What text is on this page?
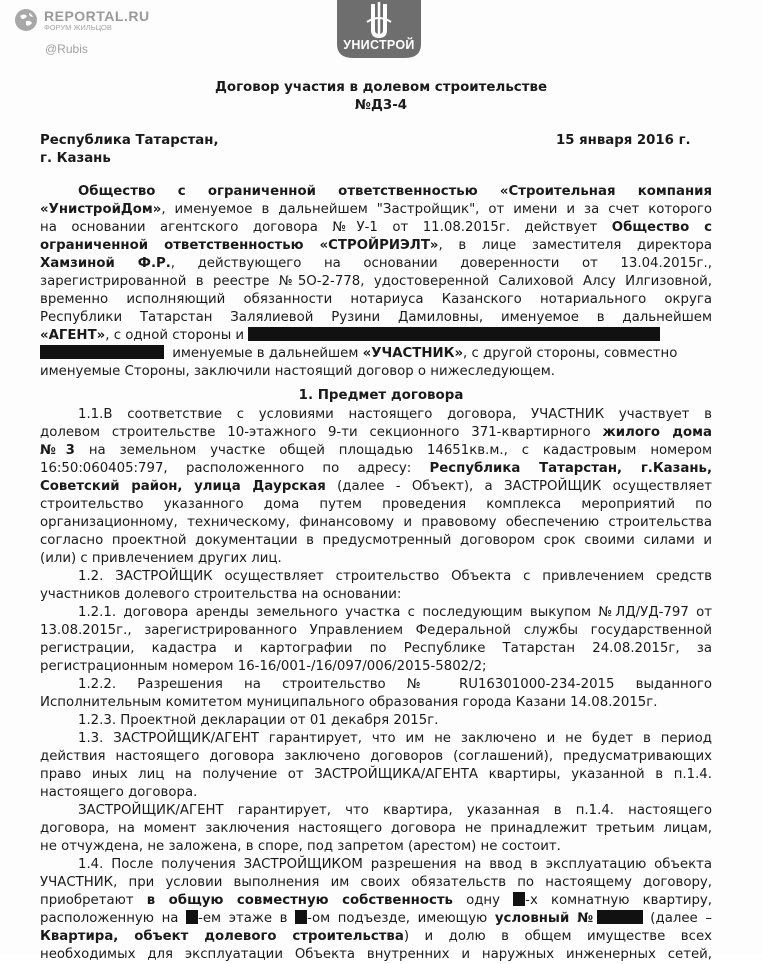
REPORTAL.RU
ФОРУМ ЖИЛЬЦОВ
@Rubis	УНИСТРОЙ
Договор участия в долевом строительстве
№Д3-4
Республика Татарстан,	15 января 2016 г.
г. Казань
Общество с ограниченной ответственностью «Строительная компания
«УнистройДом», именуемое в дальнейшем "Застройщик", от имени и за счет которого
на основании агентского договора №У-1 от 11.08.2015г. действует Общество с
ограниченной ответственностью «СТРОЙРИЭЛТ», в лице заместителя директора
Хамзиной Ф.Р., действующего на основании доверенности от 13.04.2015г.,
зарегистрированной в реестре №5О-2-778, удостоверенной Салиховой Алсу Илгизовной,
временно исполняющий обязанности нотариуса Казанского нотариального округа
Республики Татарстан Залялиевой Рузини Дамиловны, именуемое в дальнейшем
«АГЕНТ», с одной стороны и
именуемые в дальнейшем «УЧАСТНИК», с другой стороны, совместно
именуемые Стороны, заключили настоящий договор о нижеследующем.
1. Предмет договора
1.1.В соответствие с условиями настоящего договора, УЧАСТНИК участвует в
долевом строительстве 10-этажного 9-ти секционного 371-квартирного жилого дома
№3 на земельном участке общей площадью 14651кв.м., с кадастровым номером
16:50:060405:797, расположенного по адресу: Республика Татарстан, г.Казань,
Советский район, улица Даурская (далее - Объект), а ЗАСТРОЙЩИК осуществляет
строительство указанного дома путем проведения комплекса мероприятий по
организационному, техническому, финансовому и правовому обеспечению строительства
согласно проектной документации в предусмотренный договором срок своими силами и
(или) с привлечением других лиц.
1.2. ЗАСТРОЙЩИК осуществляет строительство Объекта с привлечением средств
участников долевого строительства на основании:
1.2.1. договора аренды земельного участка с последующим выкупом №ЛД/УД-797 от
13.08.2015г., зарегистрированного Управлением Федеральной службы государственной
регистрации, кадастра и картографии по Республике Татарстан 24.08.2015г, за
регистрационным номером 16-16/001-/16/097/006/2015-5802/2;
1.2.2. Разрешения на строительство № RU16301000-234-2015 выданного
Исполнительным комитетом муниципального образования города Казани 14.08.2015г.
1.2.3. Проектной декларации от 01 декабря 2015г.
1.3. ЗАСТРОЙЩИК/АГЕНТ гарантирует, что им не заключено и не будет в период
действия настоящего договора заключено договоров (соглашений), предусматривающих
право иных лиц на получение от ЗАСТРОЙЩИКА/АГЕНТА квартиры, указанной в п.1.4.
настоящего договора.
ЗАСТРОЙЩИК/АГЕНТ гарантирует, что квартира, указанная в п.1.4. настоящего
договора, на момент заключения настоящего договора не принадлежит третьим лицам,
не отчуждена, не заложена, в споре, под запретом (арестом) не состоит.
1.4. После получения ЗАСТРОЙЩИКОМ разрешения на ввод в эксплуатацию объекта
УЧАСТНИК, при условии выполнения им своих обязательств по настоящему договору,
приобретают в общую совместную собственность одну -х комнатную квартиру,
расположенную на -ем этаже в -ом подъезде, имеющую условный №	(далее –
Квартира, объект долевого строительства) и долю в общем имуществе всех
необходимых для эксплуатации Объекта внутренних и наружных инженерных сетей,
